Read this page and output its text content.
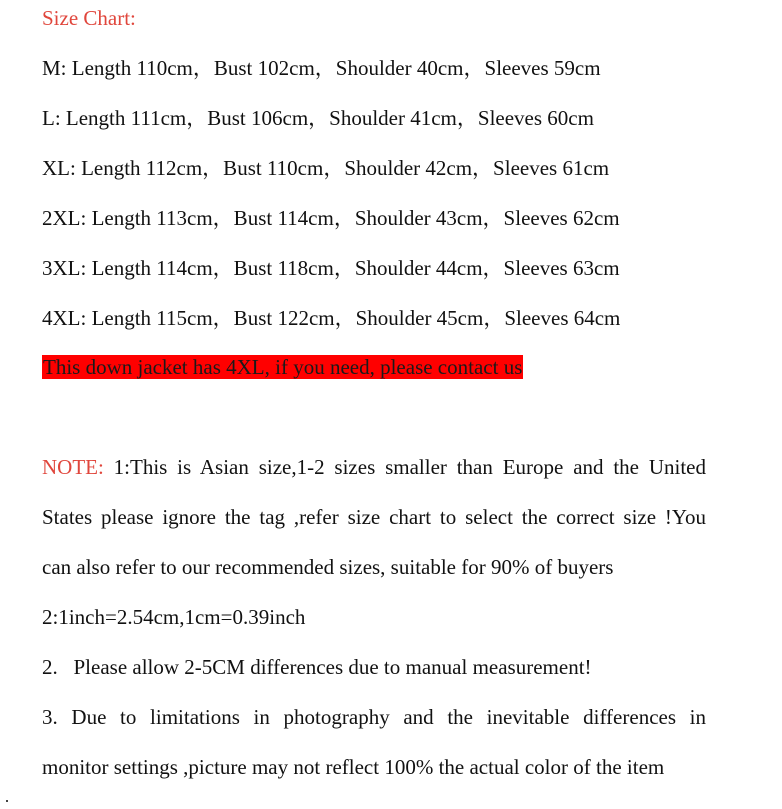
Size Chart:
M: Length 110cm，Bust 102cm，Shoulder 40cm，Sleeves 59cm
L: Length 111cm，Bust 106cm，Shoulder 41cm，Sleeves 60cm
XL: Length 112cm，Bust 110cm，Shoulder 42cm，Sleeves 61cm
2XL: Length 113cm，Bust 114cm，Shoulder 43cm，Sleeves 62cm
3XL: Length 114cm，Bust 118cm，Shoulder 44cm，Sleeves 63cm
4XL: Length 115cm，Bust 122cm，Shoulder 45cm，Sleeves 64cm
This down jacket has 4XL, if you need, please contact us
NOTE: 1:This is Asian size,1-2 sizes smaller than Europe and the United
States please ignore the tag ,refer size chart to select the correct size !You
can also refer to our recommended sizes, suitable for 90% of buyers
2:1inch=2.54cm,1cm=0.39inch
2.   Please allow 2-5CM differences due to manual measurement!
3. Due to limitations in photography and the inevitable differences in
monitor settings ,picture may not reflect 100% the actual color of the item
